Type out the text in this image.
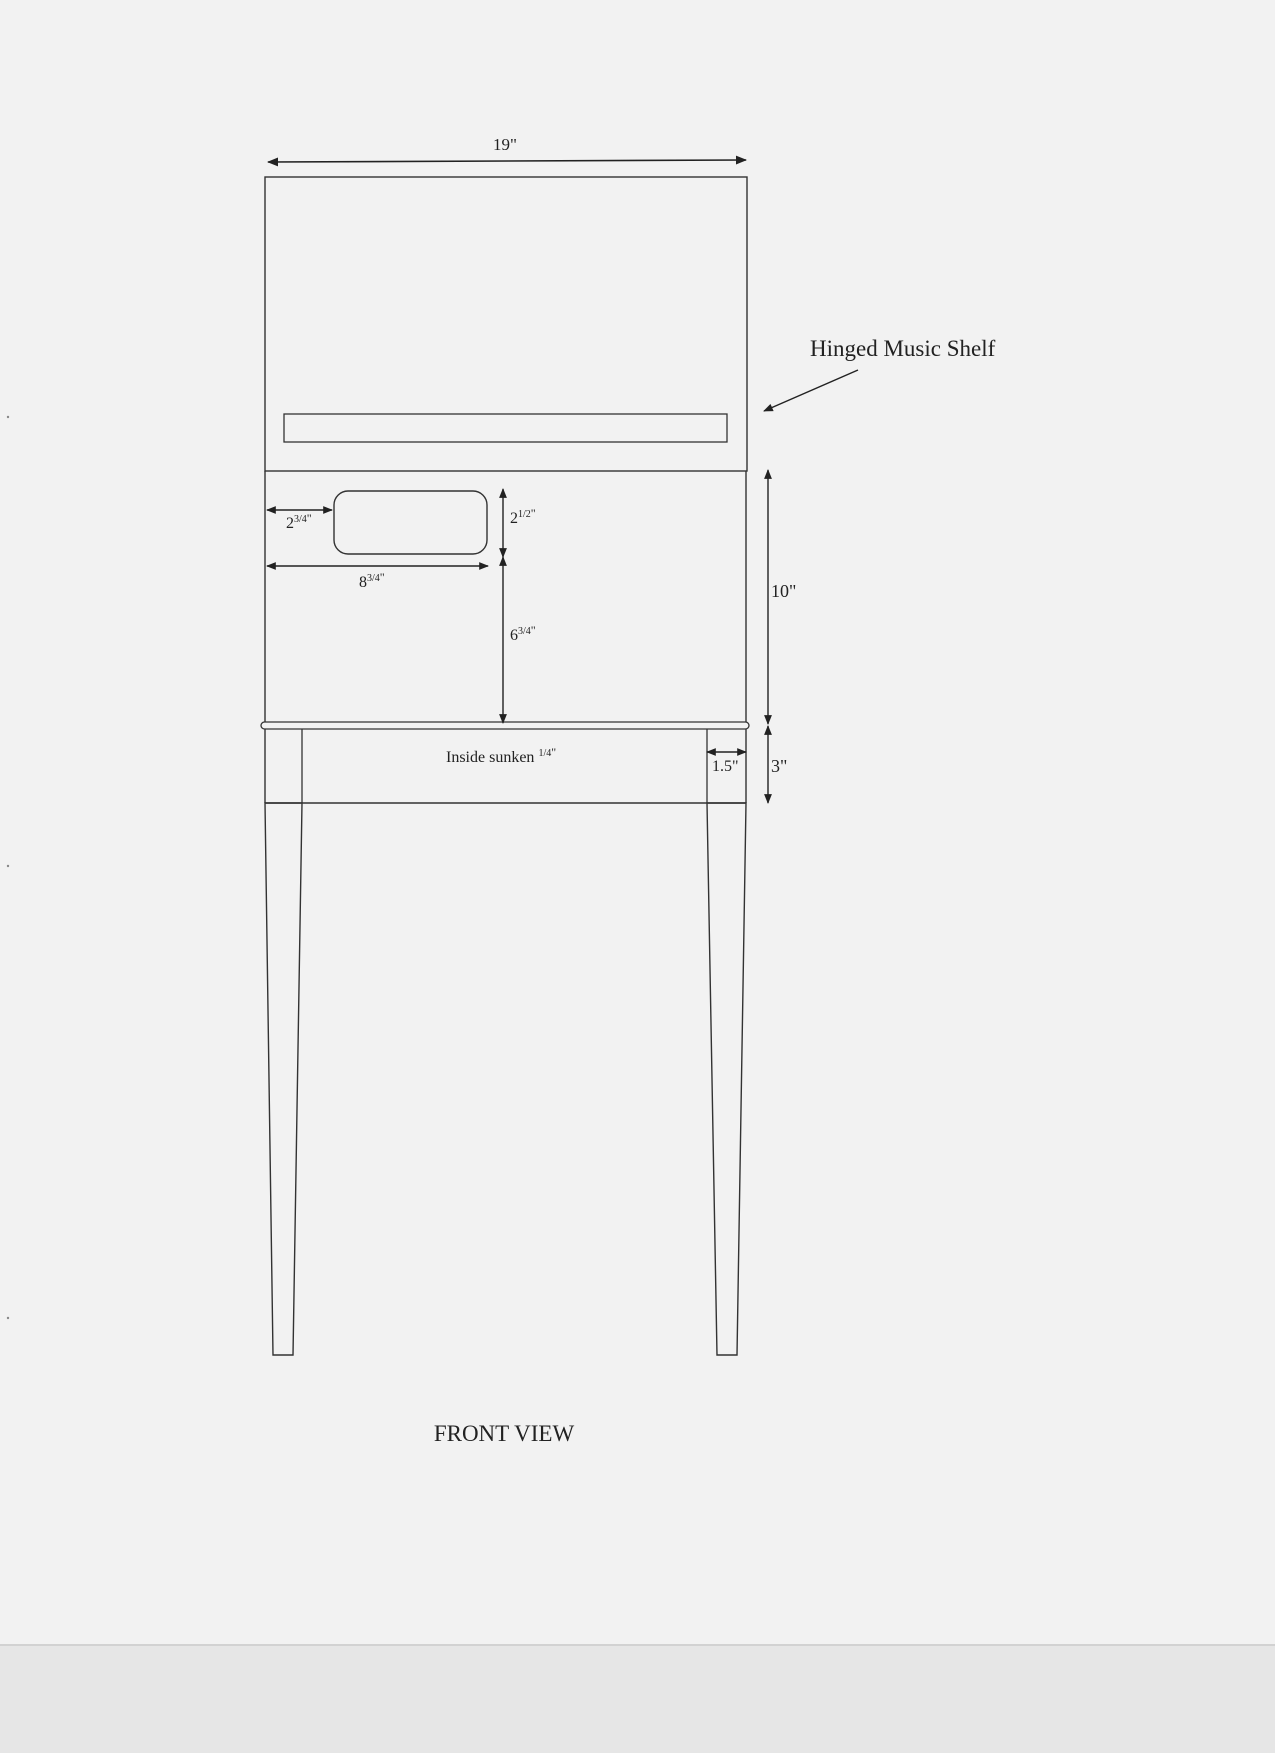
19"
Hinged Music Shelf
$2^{3/4}$"
$8^{3/4}$"
$2^{1/2}$"
$6^{3/4}$"
10"
Inside sunken $^{1/4}$"
1.5" 3"
FRONT VIEW
